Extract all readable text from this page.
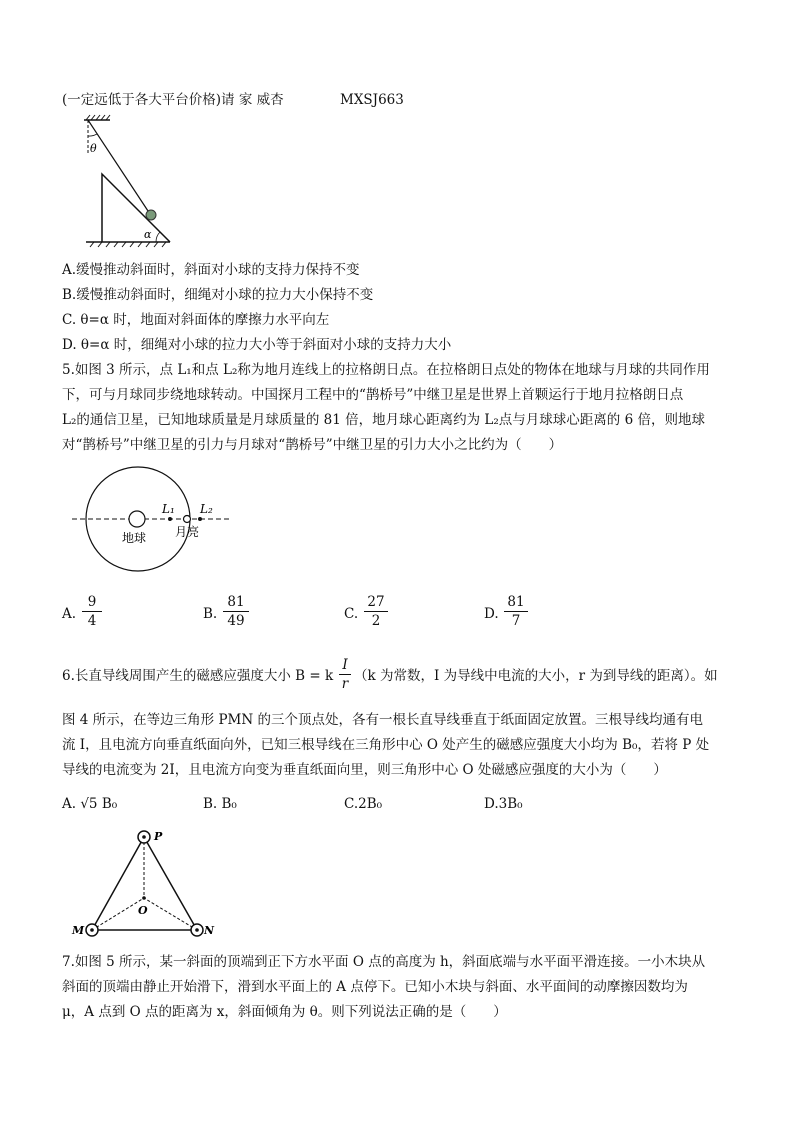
(一定远低于各大平台价格)请 家 威杏	MXSJ663
θ
α
A.缓慢推动斜面时，斜面对小球的支持力保持不变
B.缓慢推动斜面时，细绳对小球的拉力大小保持不变
C. θ=α 时，地面对斜面体的摩擦力水平向左
D. θ=α 时，细绳对小球的拉力大小等于斜面对小球的支持力大小
5.如图 3 所示，点 L₁和点 L₂称为地月连线上的拉格朗日点。在拉格朗日点处的物体在地球与月球的共同作用
下，可与月球同步绕地球转动。中国探月工程中的“鹊桥号”中继卫星是世界上首颗运行于地月拉格朗日点
L₂的通信卫星，已知地球质量是月球质量的 81 倍，地月球心距离约为 L₂点与月球球心距离的 6 倍，则地球
对“鹊桥号”中继卫星的引力与月球对“鹊桥号”中继卫星的引力大小之比约为（　　）
地球 月亮
L₁ L₂
A.
9
4	B.
81
49	C.
27
2	D.
81
7
6.长直导线周围产生的磁感应强度大小 B = k
I
r （k 为常数，I 为导线中电流的大小，r 为到导线的距离）。如
图 4 所示，在等边三角形 PMN 的三个顶点处，各有一根长直导线垂直于纸面固定放置。三根导线均通有电
流 I，且电流方向垂直纸面向外，已知三根导线在三角形中心 O 处产生的磁感应强度大小均为 B₀，若将 P 处
导线的电流变为 2I，且电流方向变为垂直纸面向里，则三角形中心 O 处磁感应强度的大小为（　　）
A. √5 B₀	B. B₀	C.2B₀	D.3B₀
P
M	N
O
7.如图 5 所示，某一斜面的顶端到正下方水平面 O 点的高度为 h，斜面底端与水平面平滑连接。一小木块从
斜面的顶端由静止开始滑下，滑到水平面上的 A 点停下。已知小木块与斜面、水平面间的动摩擦因数均为
μ，A 点到 O 点的距离为 x，斜面倾角为 θ。则下列说法正确的是（　　）
